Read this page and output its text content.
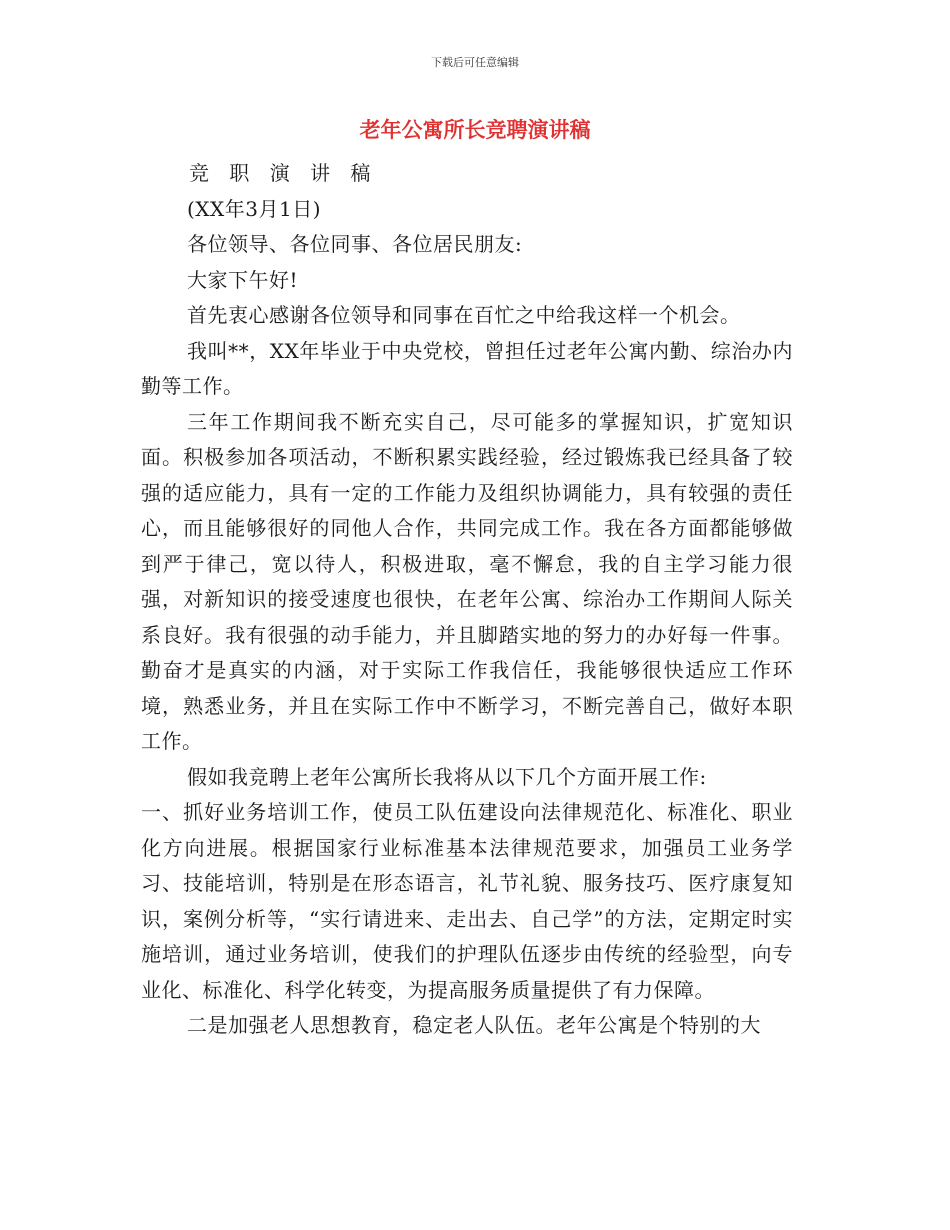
下载后可任意编辑
老年公寓所长竞聘演讲稿

竞 职 演 讲 稿

(XX年3月1日)

各位领导、各位同事、各位居民朋友:

大家下午好!

首先衷心感谢各位领导和同事在百忙之中给我这样一个机会。

我叫**，XX年毕业于中央党校，曾担任过老年公寓内勤、综治办内勤等工作。

三年工作期间我不断充实自己，尽可能多的掌握知识，扩宽知识面。积极参加各项活动，不断积累实践经验，经过锻炼我已经具备了较强的适应能力，具有一定的工作能力及组织协调能力，具有较强的责任心，而且能够很好的同他人合作，共同完成工作。我在各方面都能够做到严于律己，宽以待人，积极进取，毫不懈怠，我的自主学习能力很强，对新知识的接受速度也很快，在老年公寓、综治办工作期间人际关系良好。我有很强的动手能力，并且脚踏实地的努力的办好每一件事。勤奋才是真实的内涵，对于实际工作我信任，我能够很快适应工作环境，熟悉业务，并且在实际工作中不断学习，不断完善自己，做好本职工作。

假如我竞聘上老年公寓所长我将从以下几个方面开展工作:

一、抓好业务培训工作，使员工队伍建设向法律规范化、标准化、职业化方向进展。根据国家行业标准基本法律规范要求，加强员工业务学习、技能培训，特别是在形态语言，礼节礼貌、服务技巧、医疗康复知识，案例分析等，“实行请进来、走出去、自己学”的方法，定期定时实施培训，通过业务培训，使我们的护理队伍逐步由传统的经验型，向专业化、标准化、科学化转变，为提高服务质量提供了有力保障。

二是加强老人思想教育，稳定老人队伍。老年公寓是个特别的大
